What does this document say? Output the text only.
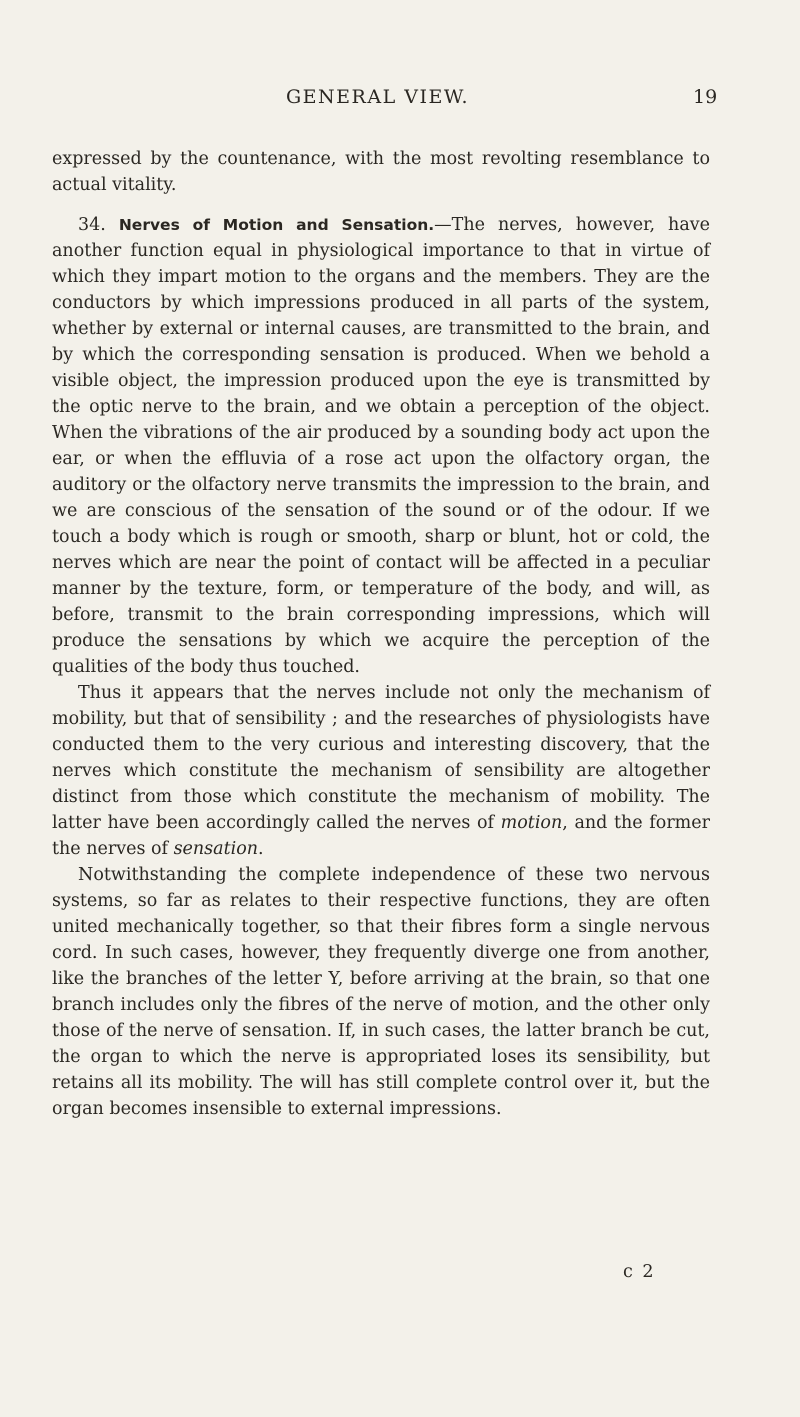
GENERAL VIEW.	19

expressed by the countenance, with the most revolting resemblance to actual vitality.

34. Nerves of Motion and Sensation.—The nerves, however, have another function equal in physiological importance to that in virtue of which they impart motion to the organs and the members. They are the conductors by which impressions produced in all parts of the system, whether by external or internal causes, are transmitted to the brain, and by which the corresponding sensation is produced. When we behold a visible object, the impression produced upon the eye is transmitted by the optic nerve to the brain, and we obtain a perception of the object. When the vibrations of the air produced by a sounding body act upon the ear, or when the effluvia of a rose act upon the olfactory organ, the auditory or the olfactory nerve transmits the impression to the brain, and we are conscious of the sensation of the sound or of the odour. If we touch a body which is rough or smooth, sharp or blunt, hot or cold, the nerves which are near the point of contact will be affected in a peculiar manner by the texture, form, or temperature of the body, and will, as before, transmit to the brain corresponding impressions, which will produce the sensations by which we acquire the perception of the qualities of the body thus touched.

Thus it appears that the nerves include not only the mechanism of mobility, but that of sensibility ; and the researches of physiologists have conducted them to the very curious and interesting discovery, that the nerves which constitute the mechanism of sensibility are altogether distinct from those which constitute the mechanism of mobility. The latter have been accordingly called the nerves of motion, and the former the nerves of sensation.

Notwithstanding the complete independence of these two nervous systems, so far as relates to their respective functions, they are often united mechanically together, so that their fibres form a single nervous cord. In such cases, however, they frequently diverge one from another, like the branches of the letter Y, before arriving at the brain, so that one branch includes only the fibres of the nerve of motion, and the other only those of the nerve of sensation. If, in such cases, the latter branch be cut, the organ to which the nerve is appropriated loses its sensibility, but retains all its mobility. The will has still complete control over it, but the organ becomes insensible to external impressions.

c 2
